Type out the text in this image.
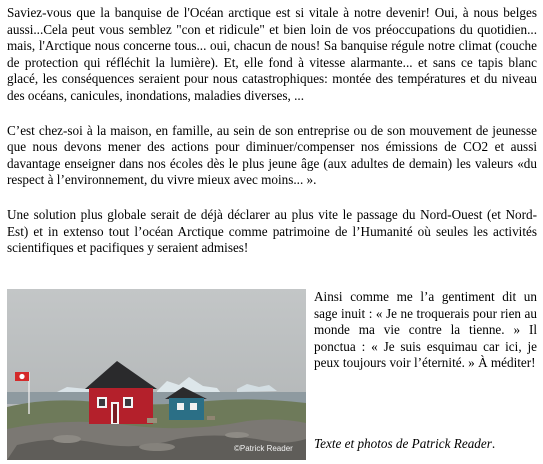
Saviez-vous que la banquise de l'Océan arctique est si vitale à notre devenir! Oui, à nous belges aussi...Cela peut vous semblez "con et ridicule" et bien loin de vos préoccupations du quotidien... mais, l'Arctique nous concerne tous... oui, chacun de nous! Sa banquise régule notre climat (couche de protection qui réfléchit la lumière). Et, elle fond à vitesse alarmante... et sans ce tapis blanc glacé, les conséquences seraient pour nous catastrophiques: montée des températures et du niveau des océans, canicules, inondations, maladies diverses, ...

C’est chez-soi à la maison, en famille, au sein de son entreprise ou de son mouvement de jeunesse que nous devons mener des actions pour diminuer/compenser nos émissions de CO2 et aussi davantage enseigner dans nos écoles dès le plus jeune âge (aux adultes de demain) les valeurs «du respect à l’environnement, du vivre mieux avec moins... ».

Une solution plus globale serait de déjà déclarer au plus vite le passage du Nord-Ouest (et Nord-Est) et in extenso tout l’océan Arctique comme patrimoine de l’Humanité où seules les activités scientifiques et pacifiques y seraient admises!

©Patrick Reader

Ainsi comme me l’a gentiment dit un sage inuit : « Je ne troquerais pour rien au monde ma vie contre la tienne. » Il ponctua : « Je suis esquimau car ici, je peux toujours voir l’éternité. » À méditer!

Texte et photos de Patrick Reader.
